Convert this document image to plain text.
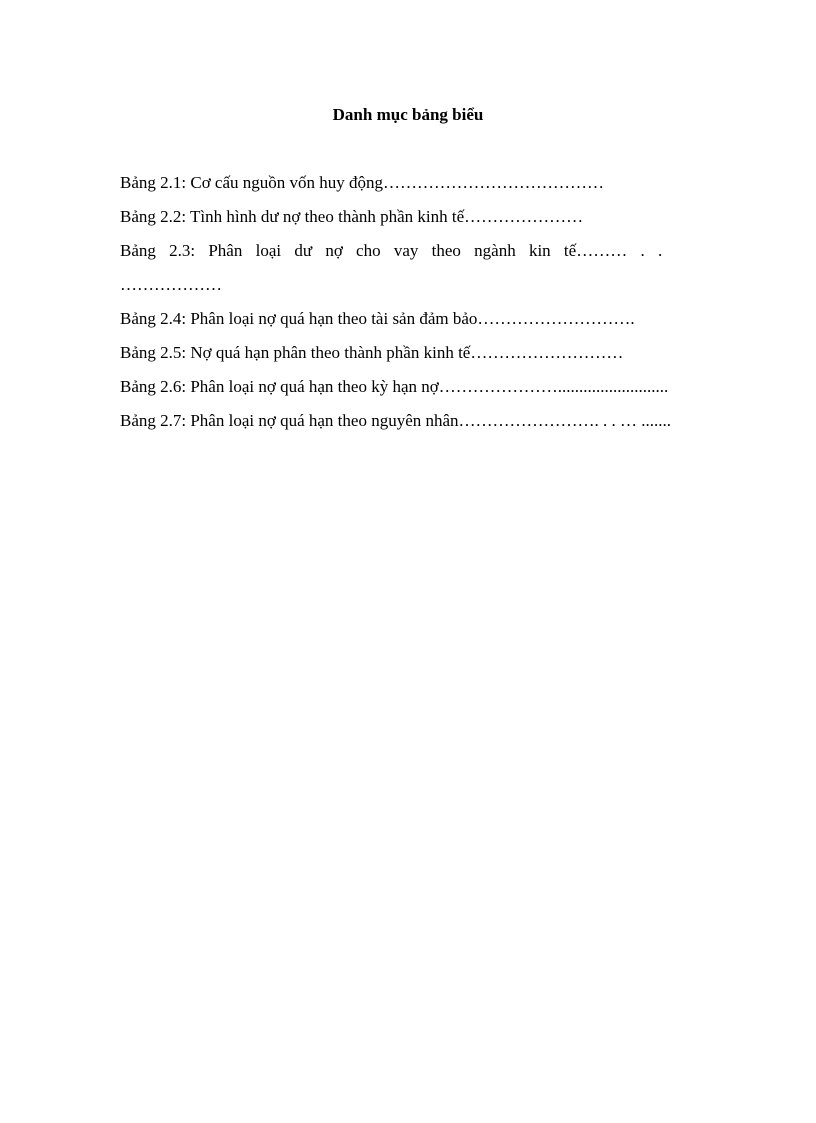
Danh mục bảng biểu
Bảng 2.1: Cơ cấu nguồn vốn huy động…………………………………
Bảng 2.2: Tình hình dư nợ theo thành phần kinh tế…………………
Bảng 2.3: Phân loại dư nợ cho vay theo ngành kin tế……… . .
………………
Bảng 2.4: Phân loại nợ quá hạn theo tài sản đảm bảo……………………….
Bảng 2.5: Nợ quá hạn phân theo thành phần kinh tế………………………
Bảng 2.6: Phân loại nợ quá hạn theo kỳ hạn nợ…………………..........................
Bảng 2.7: Phân loại nợ quá hạn theo nguyên nhân……………………. . . … .......
